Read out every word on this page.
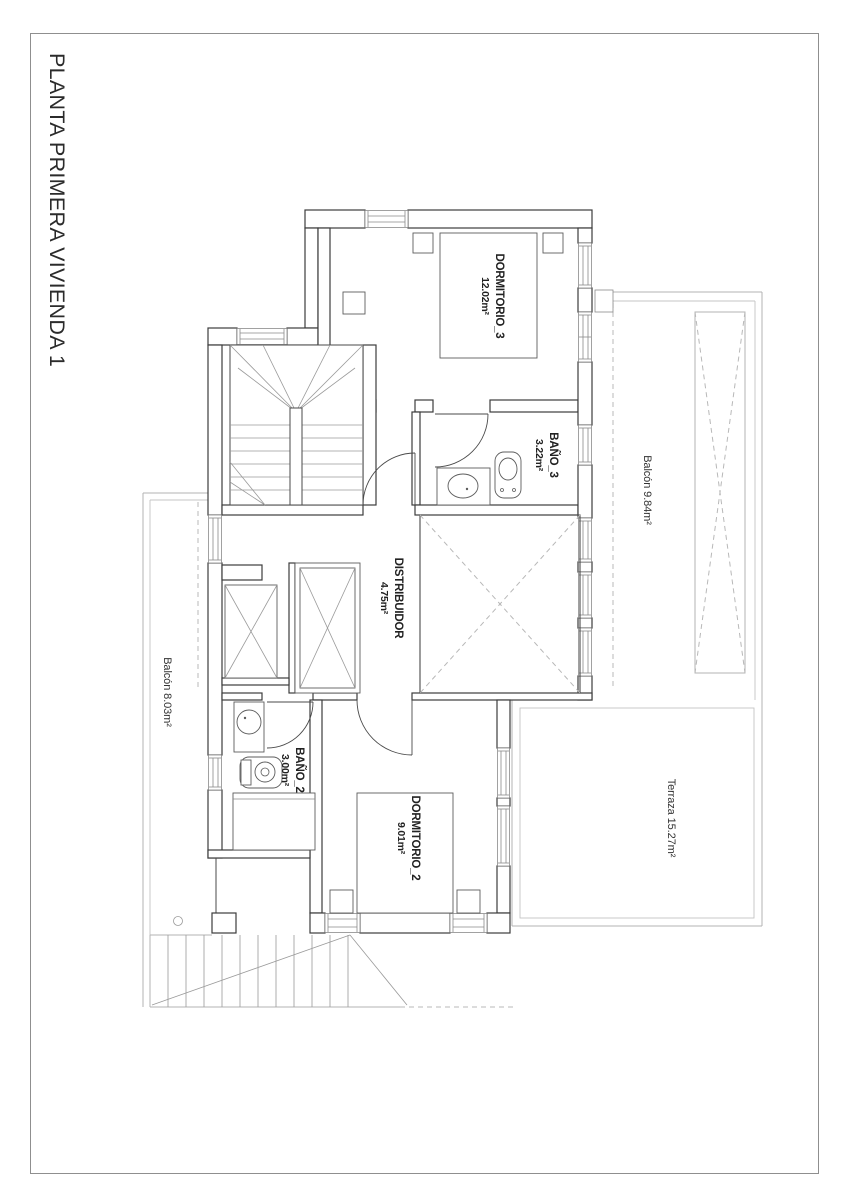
PLANTA PRIMERA VIVIENDA 1	DORMITORIO_3
12.02m²
BAÑO_3
3.22m²
DISTRIBUIDOR
4.75m²
BAÑO_2
3.00m²
DORMITORIO_2
9.01m²
Balcón 9.84m²
Balcón 8.03m²
Terraza 15.27m²
